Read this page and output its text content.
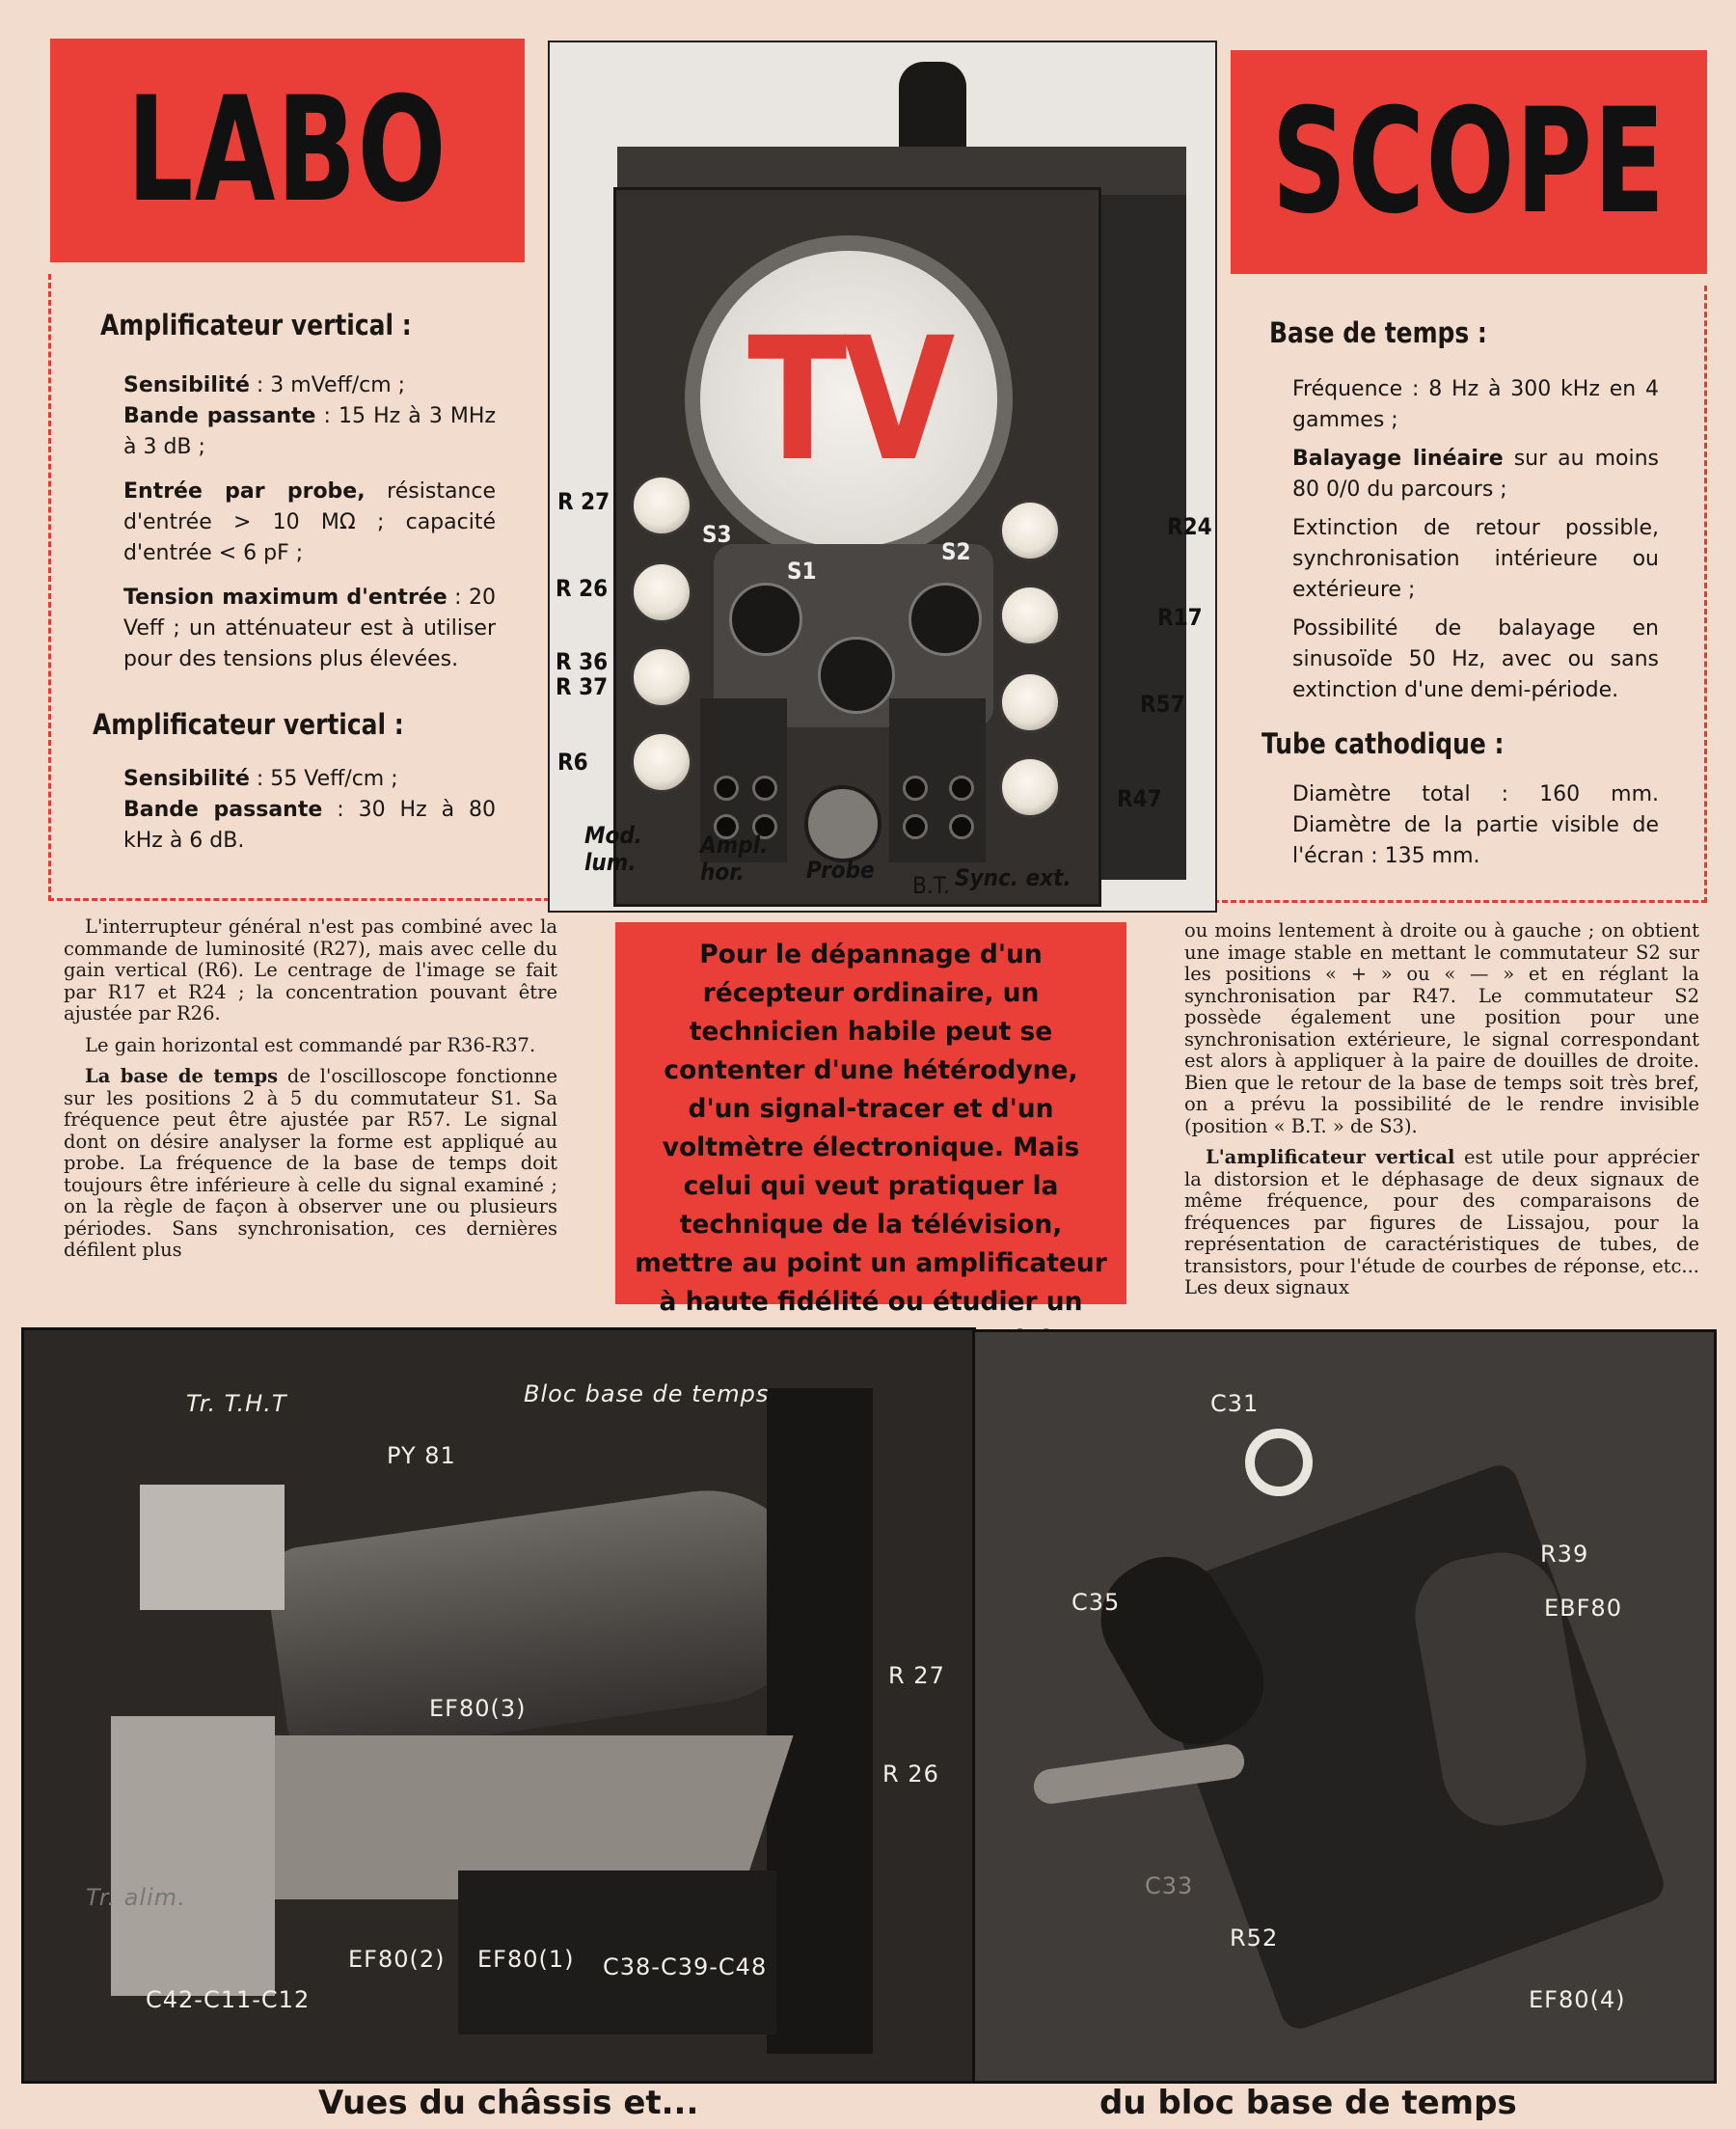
LABO	SCOPE
Amplificateur vertical :
Sensibilité : 3 mVeff/cm ;
Bande passante : 15 Hz à 3 MHz à 3 dB ;
Entrée par probe, résistance d'entrée > 10 MΩ ; capacité d'entrée < 6 pF ;
Tension maximum d'entrée : 20 Veff ; un atténuateur est à utiliser pour des tensions plus élevées.
Amplificateur vertical :
Sensibilité : 55 Veff/cm ;
Bande passante : 30 Hz à 80 kHz à 6 dB.
Base de temps :
Fréquence : 8 Hz à 300 kHz en 4 gammes ;
Balayage linéaire sur au moins 80 0/0 du parcours ;
Extinction de retour possible, synchronisation intérieure ou extérieure ;
Possibilité de balayage en sinusoïde 50 Hz, avec ou sans extinction d'une demi-période.
Tube cathodique :
Diamètre total : 160 mm. Diamètre de la partie visible de l'écran : 135 mm.
TV
R 27
R 26
R 36
R 37
R6
R24
R17
R57
R47
S3
S1
S2
Mod. lum.
Ampl. hor.	Probe
B.T. Sync. ext.

L'interrupteur général n'est pas combiné avec la commande de luminosité (R27), mais avec celle du gain vertical (R6). Le centrage de l'image se fait par R17 et R24 ; la concentration pouvant être ajustée par R26.

Le gain horizontal est commandé par R36-R37.

La base de temps de l'oscilloscope fonctionne sur les positions 2 à 5 du commutateur S1. Sa fréquence peut être ajustée par R57. Le signal dont on désire analyser la forme est appliqué au probe. La fréquence de la base de temps doit toujours être inférieure à celle du signal examiné ; on la règle de façon à observer une ou plusieurs périodes. Sans synchronisation, ces dernières défilent plus

Pour le dépannage d'un récepteur ordinaire, un technicien habile peut se contenter d'une hétérodyne, d'un signal-tracer et d'un voltmètre électronique. Mais celui qui veut pratiquer la technique de la télévision, mettre au point un amplificateur à haute fidélité ou étudier un

ou moins lentement à droite ou à gauche ; on obtient une image stable en mettant le commutateur S2 sur les positions « + » ou « — » et en réglant la synchronisation par R47. Le commutateur S2 possède également une position pour une synchronisation extérieure, le signal correspondant est alors à appliquer à la paire de douilles de droite. Bien que le retour de la base de temps soit très bref, on a prévu la possibilité de le rendre invisible (position « B.T. » de S3).

L'amplificateur vertical est utile pour apprécier la distorsion et le déphasage de deux signaux de même fréquence, pour des comparaisons de fréquences par figures de Lissajou, pour la représentation de caractéristiques de tubes, de transistors, pour l'étude de courbes de réponse, etc... Les deux signaux

Tr. T.H.T
PY 81
Bloc base de temps
R 27
EF80(3)
R 26
Tr. alim.
EF80(2) EF80(1) C38-C39-C48
C42-C11-C12
C31
R39
EBF80
C35
C33
R52
EF80(4)
Vues du châssis et...	du bloc base de temps
